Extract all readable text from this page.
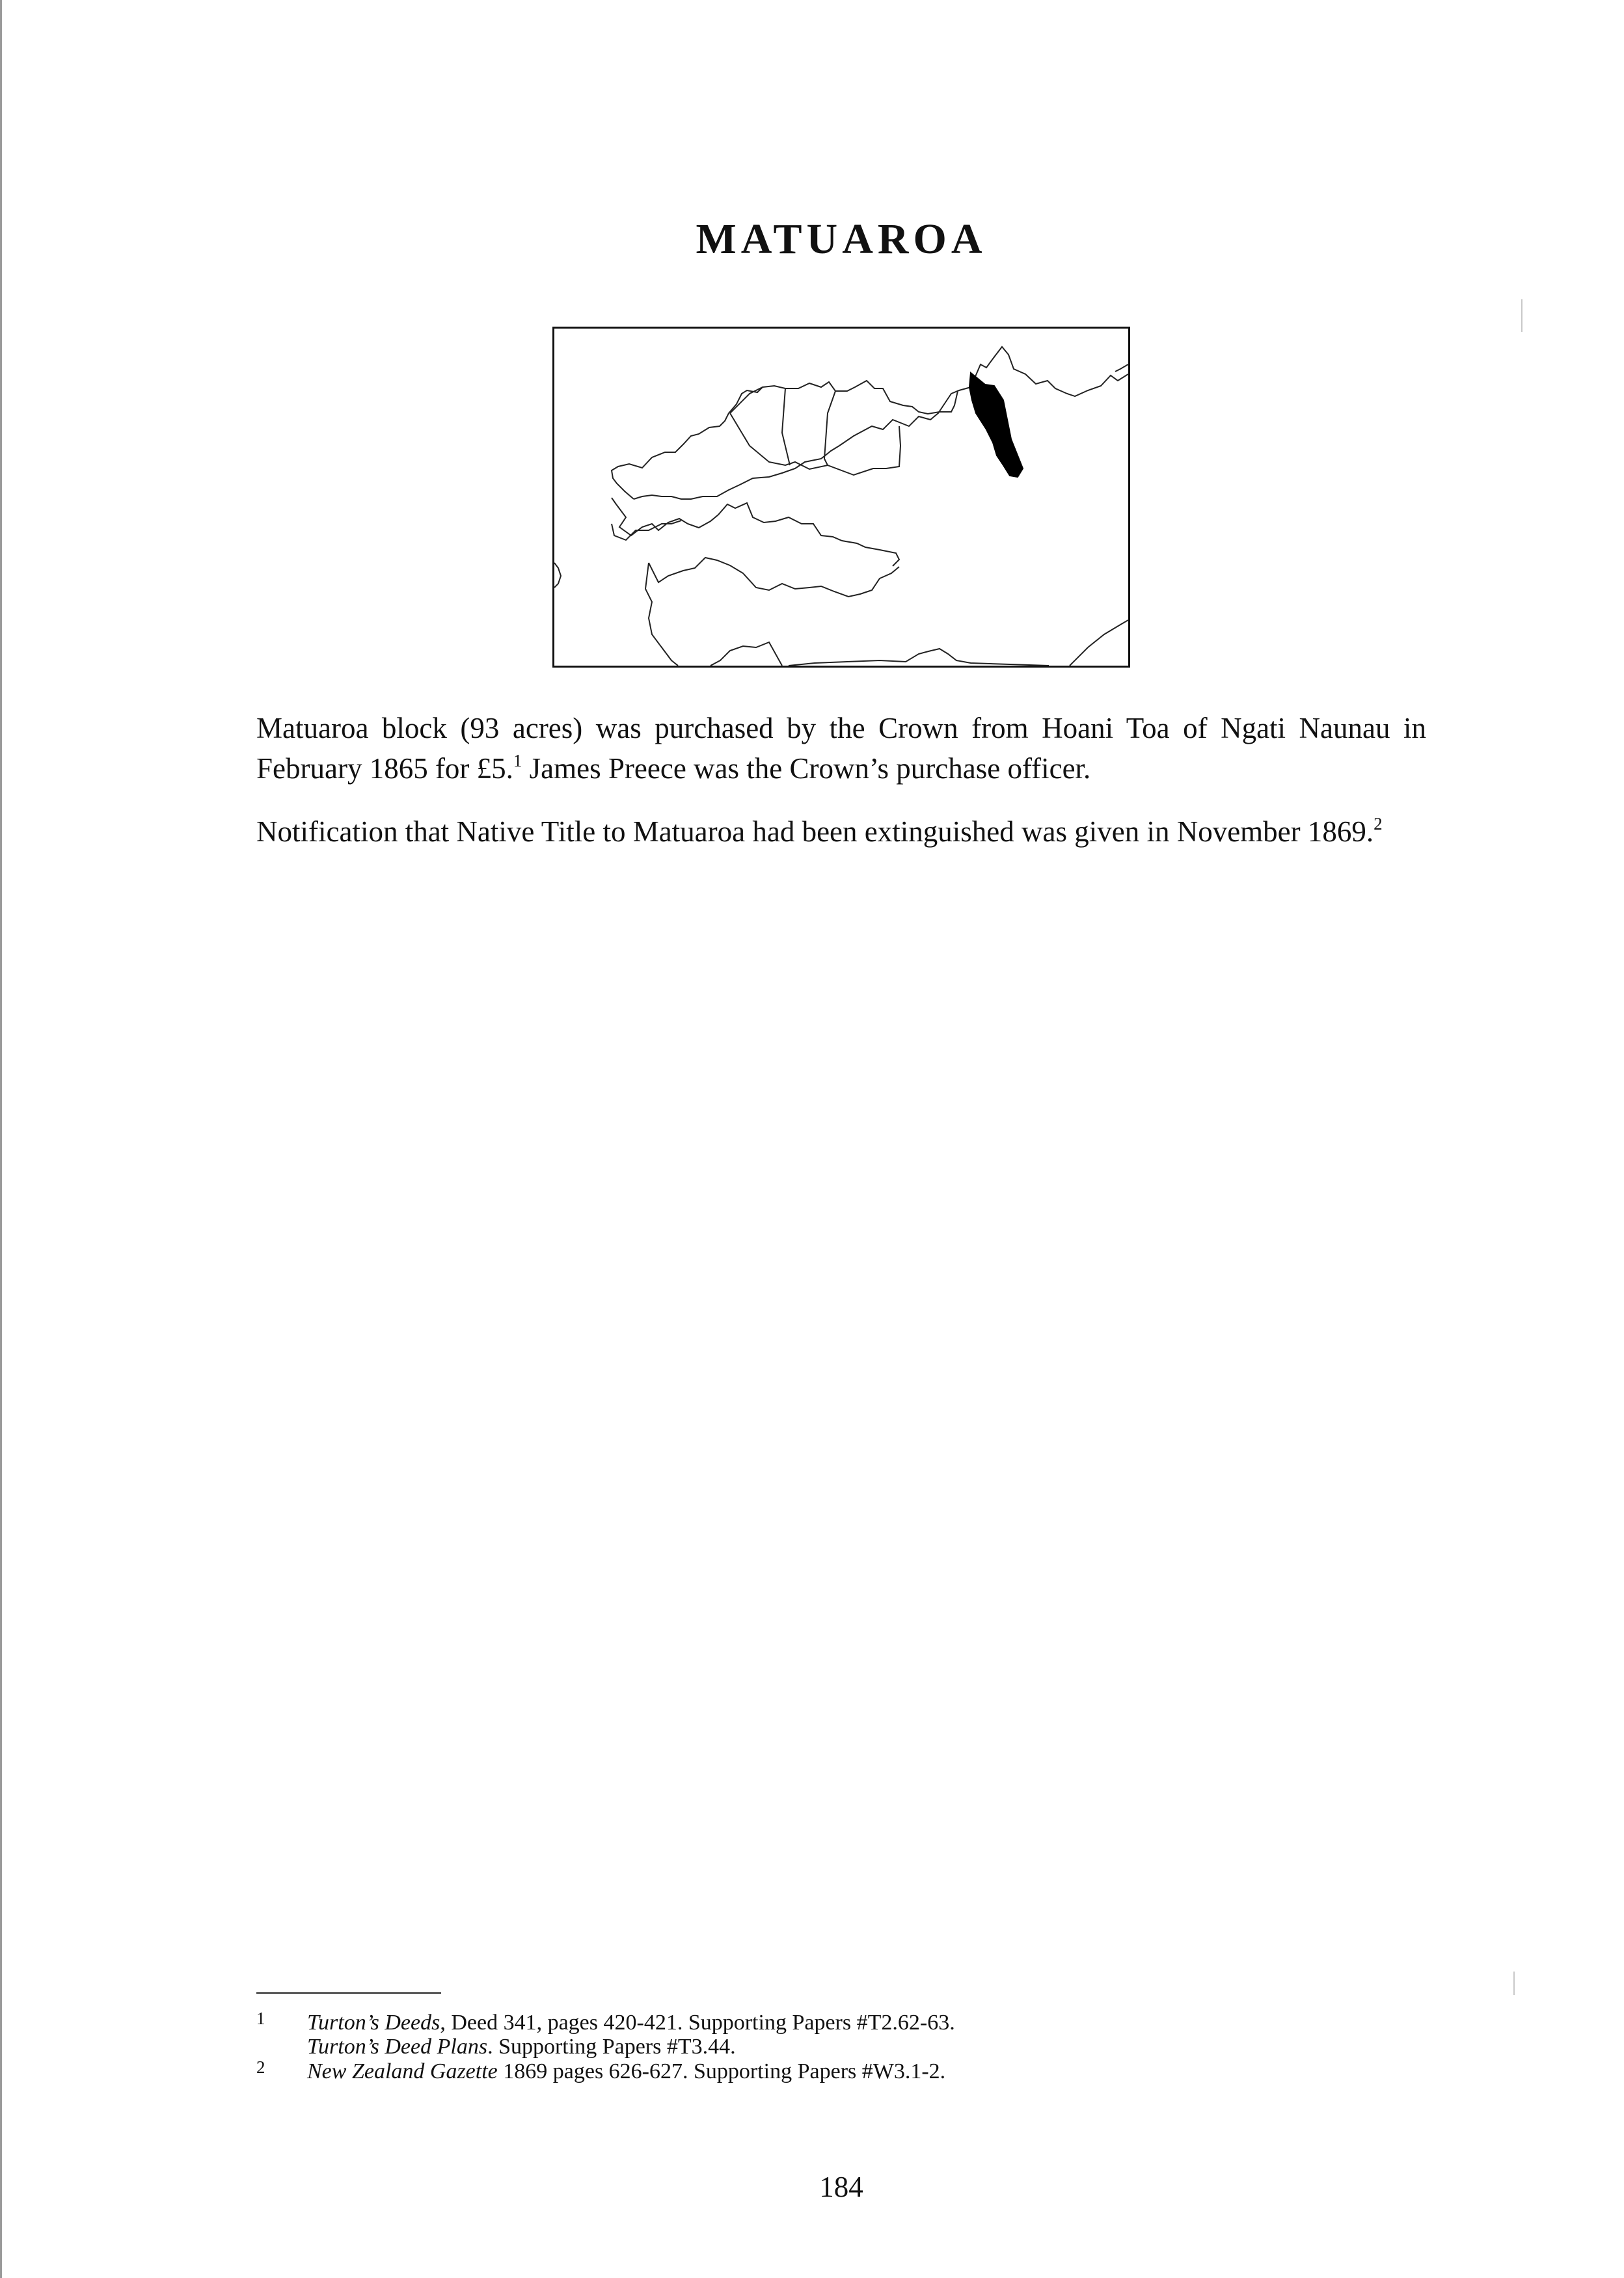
MATUAROA

Matuaroa block (93 acres) was purchased by the Crown from Hoani Toa of Ngati Naunau in February 1865 for £5.$^1$ James Preece was the Crown’s purchase officer.

Notification that Native Title to Matuaroa had been extinguished was given in November 1869.$^2$

1 Turton’s Deeds, Deed 341, pages 420-421. Supporting Papers #T2.62-63.
Turton’s Deed Plans. Supporting Papers #T3.44.
2 New Zealand Gazette 1869 pages 626-627. Supporting Papers #W3.1-2.

184
